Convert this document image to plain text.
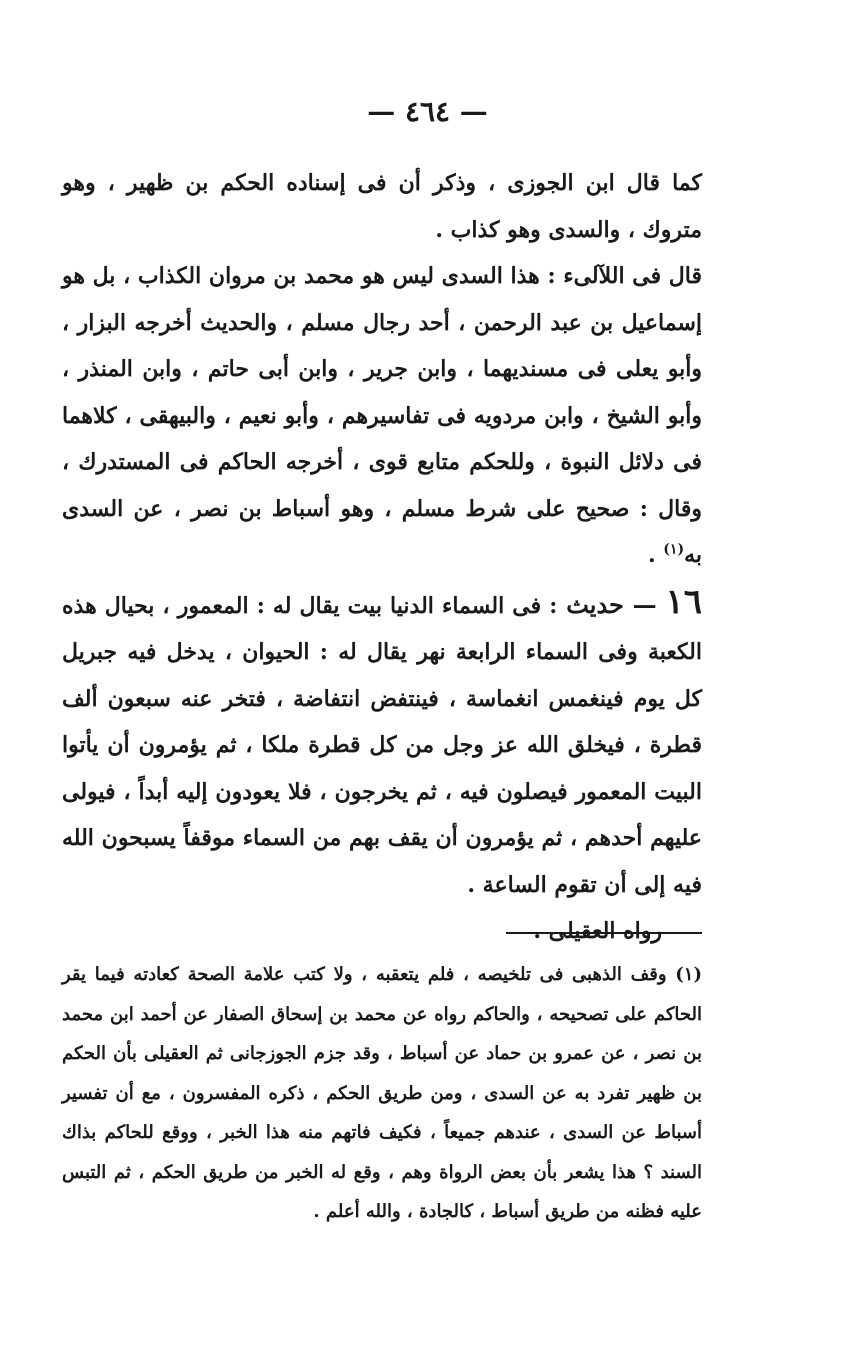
— ٤٦٤ —

كما قال ابن الجوزى ، وذكر أن فى إسناده الحكم بن ظهير ، وهو متروك ، والسدى وهو كذاب .

قال فى اللآلىء : هذا السدى ليس هو محمد بن مروان الكذاب ، بل هو إسماعيل بن عبد الرحمن ، أحد رجال مسلم ، والحديث أخرجه البزار ، وأبو يعلى فى مسنديهما ، وابن جرير ، وابن أبى حاتم ، وابن المنذر ، وأبو الشيخ ، وابن مردويه فى تفاسيرهم ، وأبو نعيم ، والبيهقى ، كلاهما فى دلائل النبوة ، وللحكم متابع قوى ، أخرجه الحاكم فى المستدرك ، وقال : صحيح على شرط مسلم ، وهو أسباط بن نصر ، عن السدى به$^{(١)}$ .

١٦ — حديث : فى السماء الدنيا بيت يقال له : المعمور ، بحيال هذه الكعبة وفى السماء الرابعة نهر يقال له : الحيوان ، يدخل فيه جبريل كل يوم فينغمس انغماسة ، فينتفض انتفاضة ، فتخر عنه سبعون ألف قطرة ، فيخلق الله عز وجل من كل قطرة ملكا ، ثم يؤمرون أن يأتوا البيت المعمور فيصلون فيه ، ثم يخرجون ، فلا يعودون إليه أبداً ، فيولى عليهم أحدهم ، ثم يؤمرون أن يقف بهم من السماء موقفاً يسبحون الله فيه إلى أن تقوم الساعة .

رواه العقيلى .

(١) وقف الذهبى فى تلخيصه ، فلم يتعقبه ، ولا كتب علامة الصحة كعادته فيما يقر الحاكم على تصحيحه ، والحاكم رواه عن محمد بن إسحاق الصفار عن أحمد ابن محمد بن نصر ، عن عمرو بن حماد عن أسباط ، وقد جزم الجوزجانى ثم العقيلى بأن الحكم بن ظهير تفرد به عن السدى ، ومن طريق الحكم ، ذكره المفسرون ، مع أن تفسير أسباط عن السدى ، عندهم جميعاً ، فكيف فاتهم منه هذا الخبر ، ووقع للحاكم بذاك السند ؟ هذا يشعر بأن بعض الرواة وهم ، وقع له الخبر من طريق الحكم ، ثم التبس عليه فظنه من طريق أسباط ، كالجادة ، والله أعلم .
